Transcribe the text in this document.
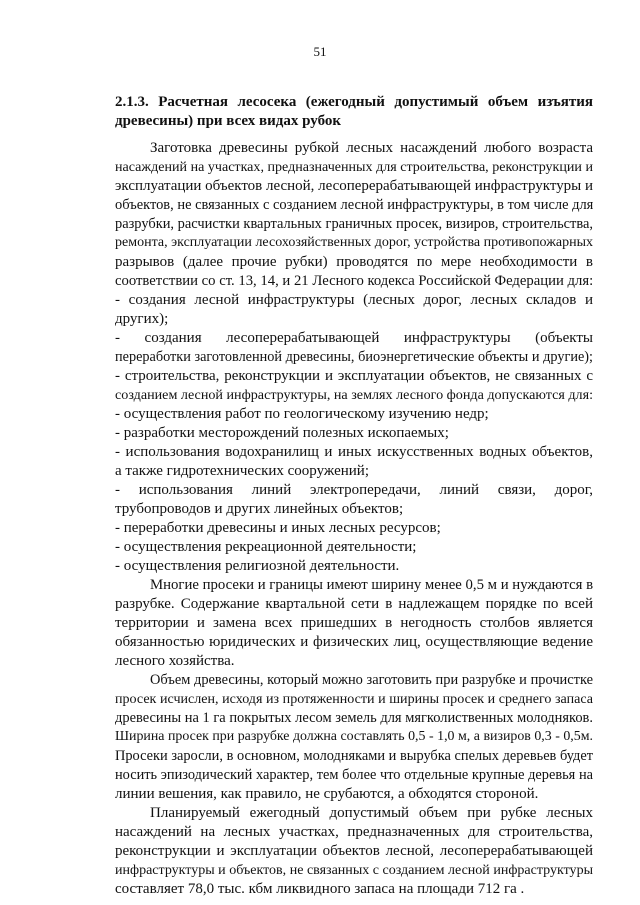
51
2.1.3. Расчетная лесосека (ежегодный допустимый объем изъятия древесины) при всех видах рубок
Заготовка древесины рубкой лесных насаждений любого возраста
насаждений на участках, предназначенных для строительства, реконструкции и
эксплуатации объектов лесной, лесоперерабатывающей инфраструктуры и
объектов, не связанных с созданием лесной инфраструктуры, в том числе для
разрубки, расчистки квартальных граничных просек, визиров, строительства,
ремонта, эксплуатации лесохозяйственных дорог, устройства противопожарных
разрывов (далее прочие рубки) проводятся по мере необходимости в
соответствии со ст. 13, 14, и 21 Лесного кодекса Российской Федерации для:
- создания лесной инфраструктуры (лесных дорог, лесных складов и
других);
- создания лесоперерабатывающей инфраструктуры (объекты
переработки заготовленной древесины, биоэнергетические объекты и другие);
- строительства, реконструкции и эксплуатации объектов, не связанных с
созданием лесной инфраструктуры, на землях лесного фонда допускаются для:
- осуществления работ по геологическому изучению недр;
- разработки месторождений полезных ископаемых;
- использования водохранилищ и иных искусственных водных объектов,
а также гидротехнических сооружений;
- использования линий электропередачи, линий связи, дорог,
трубопроводов и других линейных объектов;
- переработки древесины и иных лесных ресурсов;
- осуществления рекреационной деятельности;
- осуществления религиозной деятельности.
Многие просеки и границы имеют ширину менее 0,5 м и нуждаются в
разрубке. Содержание квартальной сети в надлежащем порядке по всей
территории и замена всех пришедших в негодность столбов является
обязанностью юридических и физических лиц, осуществляющие ведение
лесного хозяйства.
Объем древесины, который можно заготовить при разрубке и прочистке
просек исчислен, исходя из протяженности и ширины просек и среднего запаса
древесины на 1 га покрытых лесом земель для мягколиственных молодняков.
Ширина просек при разрубке должна составлять 0,5 - 1,0 м, а визиров 0,3 - 0,5м.
Просеки заросли, в основном, молодняками и вырубка спелых деревьев будет
носить эпизодический характер, тем более что отдельные крупные деревья на
линии вешения, как правило, не срубаются, а обходятся стороной.
Планируемый ежегодный допустимый объем при рубке лесных
насаждений на лесных участках, предназначенных для строительства,
реконструкции и эксплуатации объектов лесной, лесоперерабатывающей
инфраструктуры и объектов, не связанных с созданием лесной инфраструктуры
составляет 78,0 тыс. кбм ликвидного запаса на площади 712 га .
